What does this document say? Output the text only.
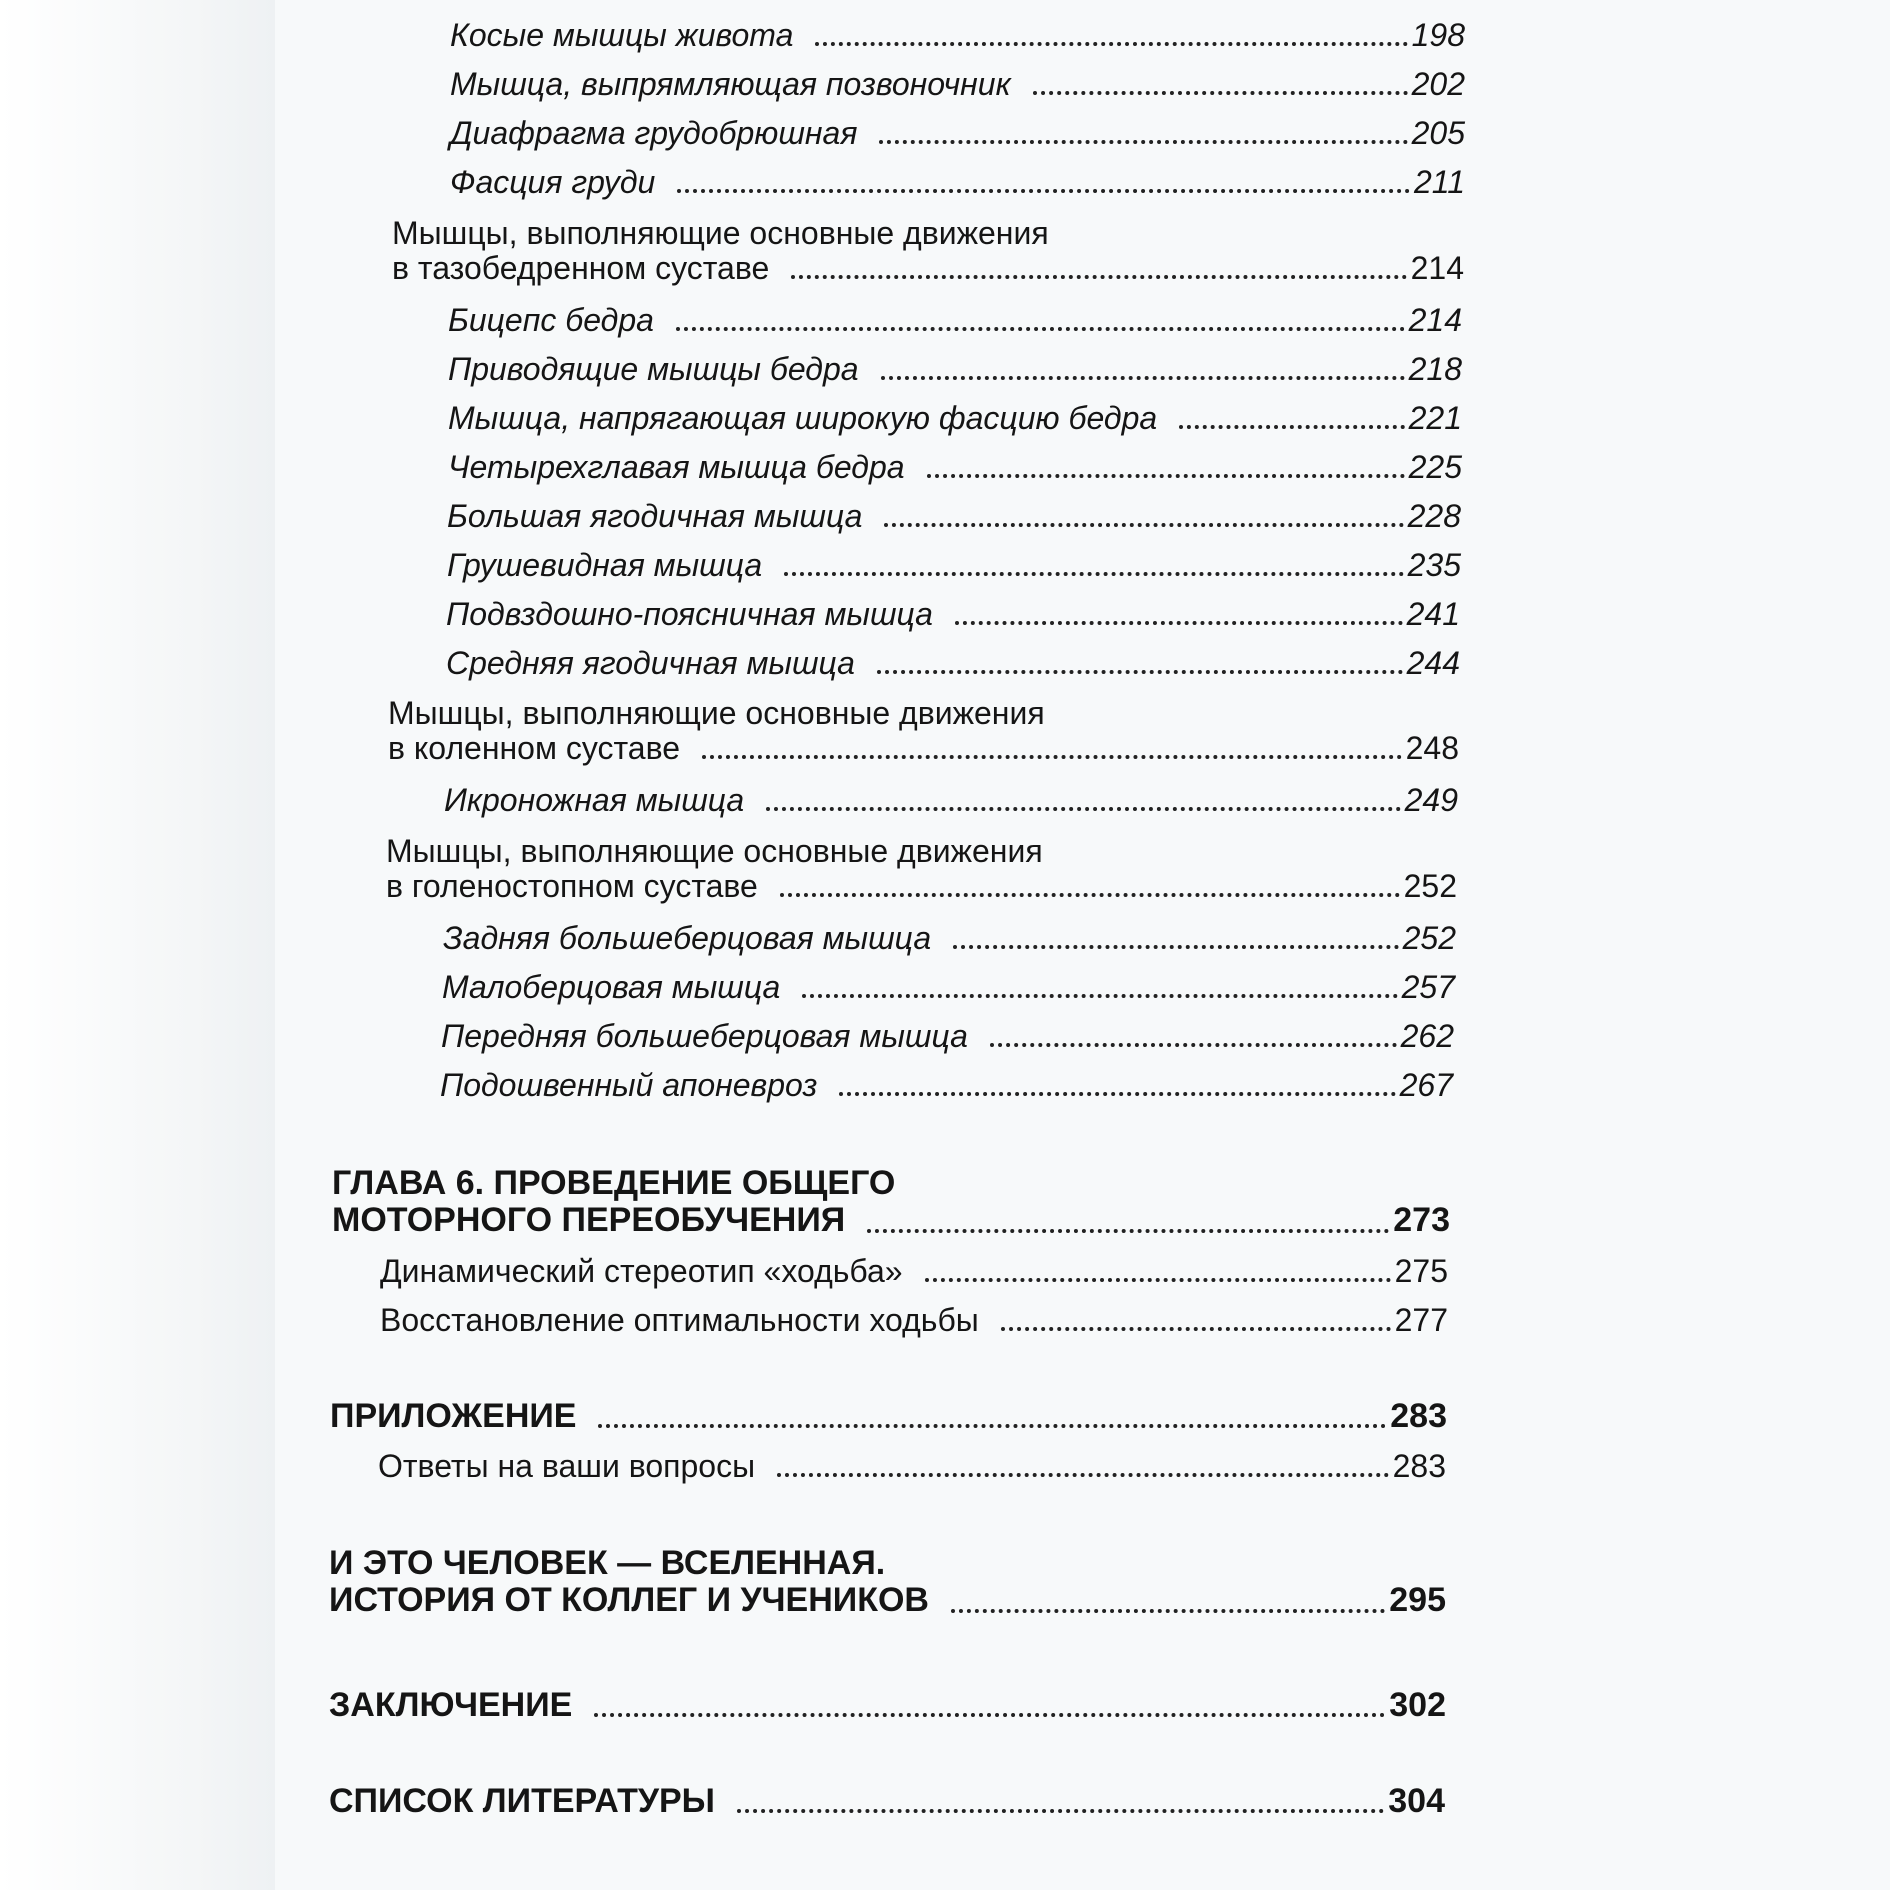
Косые мышцы живота	198
Мышца, выпрямляющая позвоночник	202
Диафрагма грудобрюшная	205
Фасция груди	211
Мышцы, выполняющие основные движения
в тазобедренном суставе	214
Бицепс бедра	214
Приводящие мышцы бедра	218
Мышца, напрягающая широкую фасцию бедра	221
Четырехглавая мышца бедра	225
Большая ягодичная мышца	228
Грушевидная мышца	235
Подвздошно-поясничная мышца	241
Средняя ягодичная мышца	244
Мышцы, выполняющие основные движения
в коленном суставе	248
Икроножная мышца	249
Мышцы, выполняющие основные движения
в голеностопном суставе	252
Задняя большеберцовая мышца	252
Малоберцовая мышца	257
Передняя большеберцовая мышца	262
Подошвенный апоневроз	267
ГЛАВА 6. ПРОВЕДЕНИЕ ОБЩЕГО
МОТОРНОГО ПЕРЕОБУЧЕНИЯ	273
Динамический стереотип «ходьба»	275
Восстановление оптимальности ходьбы	277
ПРИЛОЖЕНИЕ	283
Ответы на ваши вопросы	283
И ЭТО ЧЕЛОВЕК — ВСЕЛЕННАЯ.
ИСТОРИЯ ОТ КОЛЛЕГ И УЧЕНИКОВ	295
ЗАКЛЮЧЕНИЕ	302
СПИСОК ЛИТЕРАТУРЫ	304
